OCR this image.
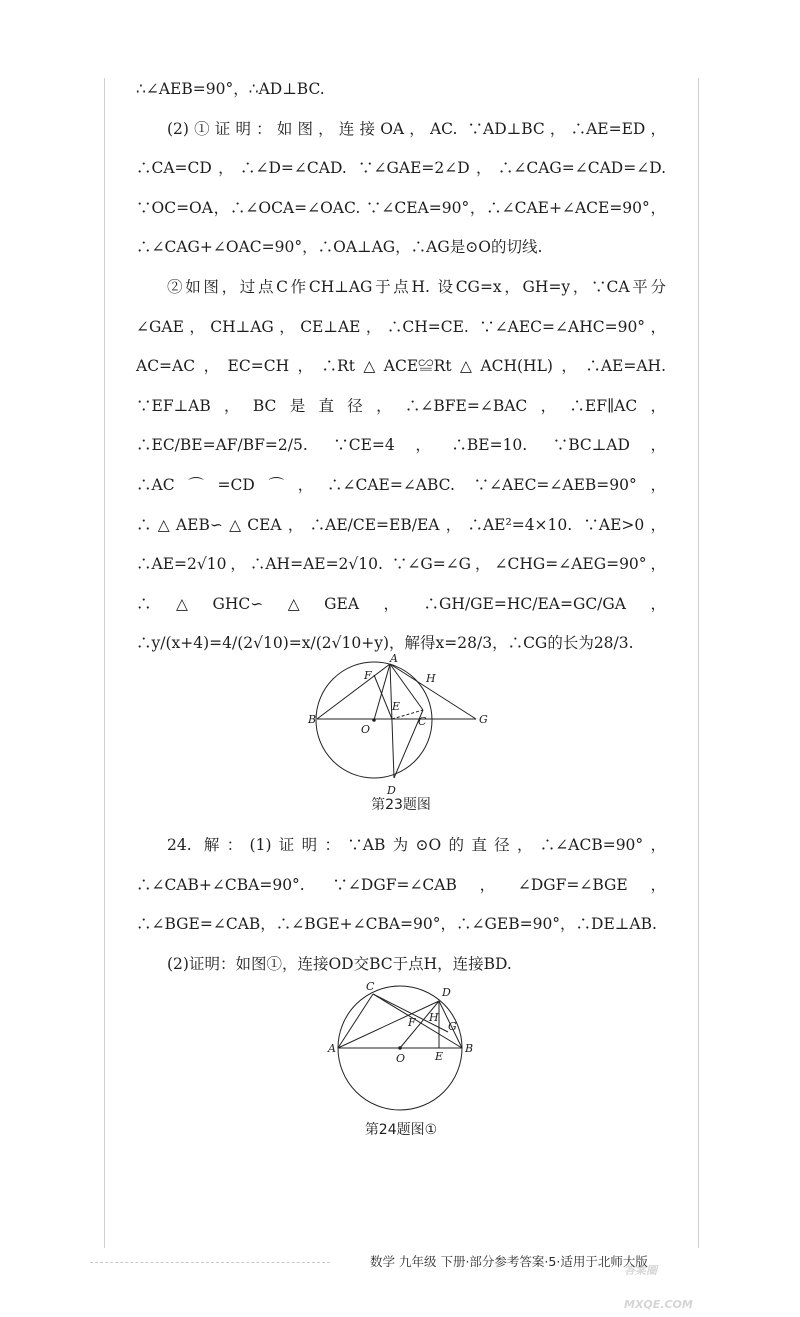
∴∠AEB=90°，∴AD⊥BC.

(2)①证明：如图，连接OA，AC. ∵AD⊥BC，∴AE=ED，∴CA=CD，∴∠D=∠CAD. ∵∠GAE=2∠D，∴∠CAG=∠CAD=∠D. ∵OC=OA，∴∠OCA=∠OAC. ∵∠CEA=90°，∴∠CAE+∠ACE=90°，∴∠CAG+∠OAC=90°，∴OA⊥AG，∴AG是⊙O的切线.

②如图，过点C作CH⊥AG于点H. 设CG=x，GH=y，∵CA平分∠GAE，CH⊥AG，CE⊥AE，∴CH=CE. ∵∠AEC=∠AHC=90°，AC=AC，EC=CH，∴Rt△ACE≌Rt△ACH(HL)，∴AE=AH. ∵EF⊥AB，BC是直径，∴∠BFE=∠BAC，∴EF∥AC，∴EC/BE=AF/BF=2/5. ∵CE=4，∴BE=10. ∵BC⊥AD，∴AC⌒=CD⌒，∴∠CAE=∠ABC. ∵∠AEC=∠AEB=90°，∴△AEB∽△CEA，∴AE/CE=EB/EA，∴AE²=4×10. ∵AE>0，∴AE=2√10，∴AH=AE=2√10. ∵∠G=∠G，∠CHG=∠AEG=90°，∴△GHC∽△GEA，∴GH/GE=HC/EA=GC/GA，∴y/(x+4)=4/(2√10)=x/(2√10+y)，解得x=28/3，∴CG的长为28/3.

A
B	C
D
E
F
G
H
O
第23题图

24. 解：(1)证明：∵AB为⊙O的直径，∴∠ACB=90°，∴∠CAB+∠CBA=90°. ∵∠DGF=∠CAB，∠DGF=∠BGE，∴∠BGE=∠CAB，∴∠BGE+∠CBA=90°，∴∠GEB=90°，∴DE⊥AB.

(2)证明：如图①，连接OD交BC于点H，连接BD.

C	D
A	B
E
F	G
H
O
第24题图①
数学 九年级 下册·部分参考答案·5·适用于北师大版
答案圈
MXQE.COM
